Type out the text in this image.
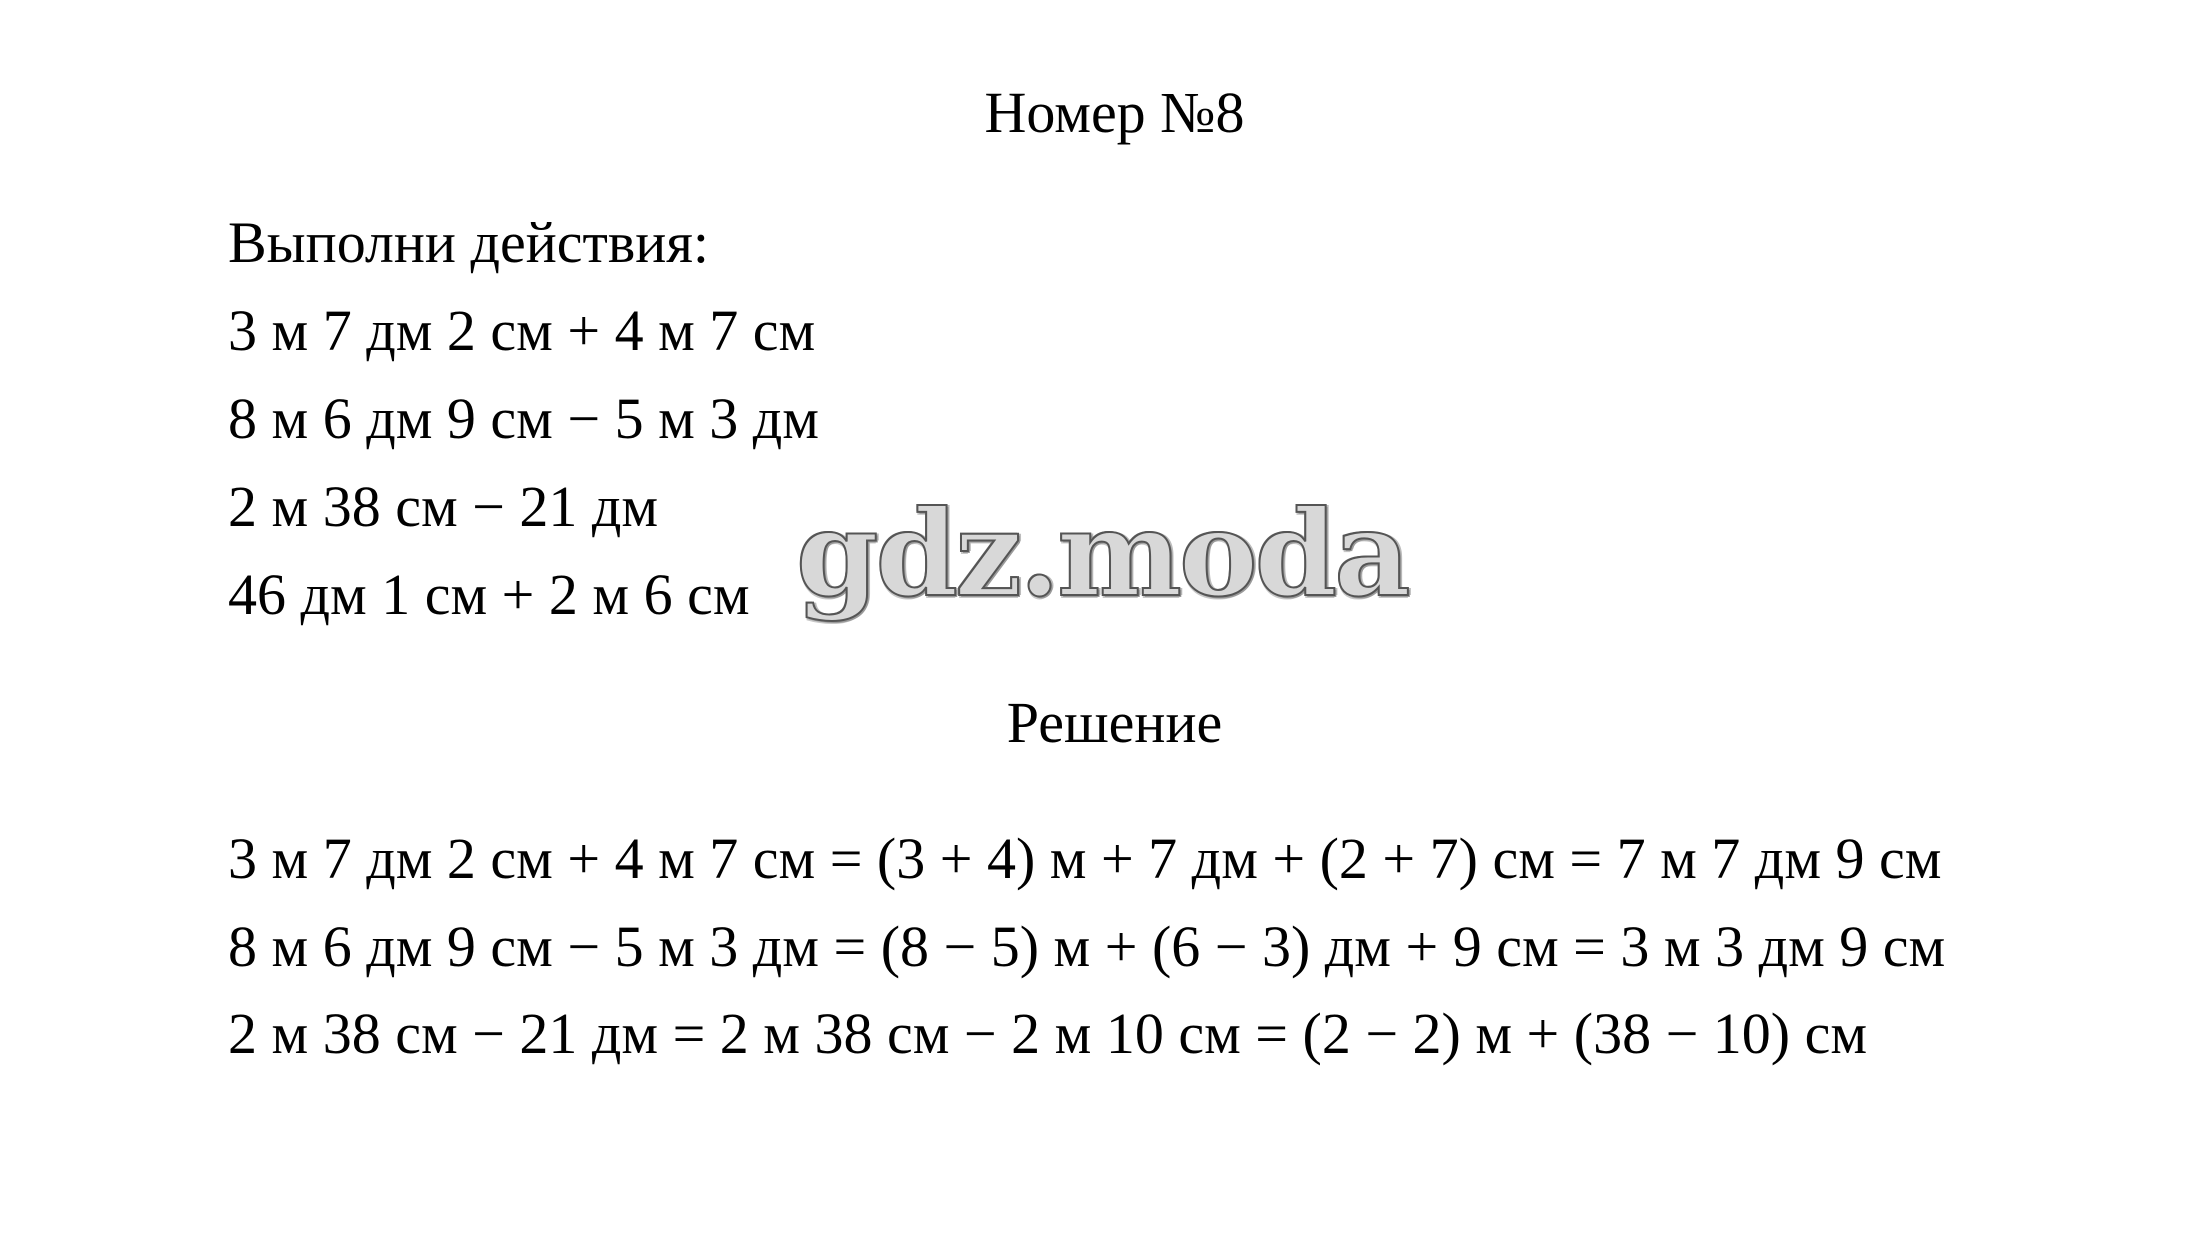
Номер №8
Выполни действия:
3 м 7 дм 2 см + 4 м 7 см
8 м 6 дм 9 см − 5 м 3 дм
2 м 38 см − 21 дм
46 дм 1 см + 2 м 6 см gdz.moda
Решение
3 м 7 дм 2 см + 4 м 7 см = (3 + 4) м + 7 дм + (2 + 7) см = 7 м 7 дм 9 см
8 м 6 дм 9 см − 5 м 3 дм = (8 − 5) м + (6 − 3) дм + 9 см = 3 м 3 дм 9 см
2 м 38 см − 21 дм = 2 м 38 см − 2 м 10 см = (2 − 2) м + (38 − 10) см
